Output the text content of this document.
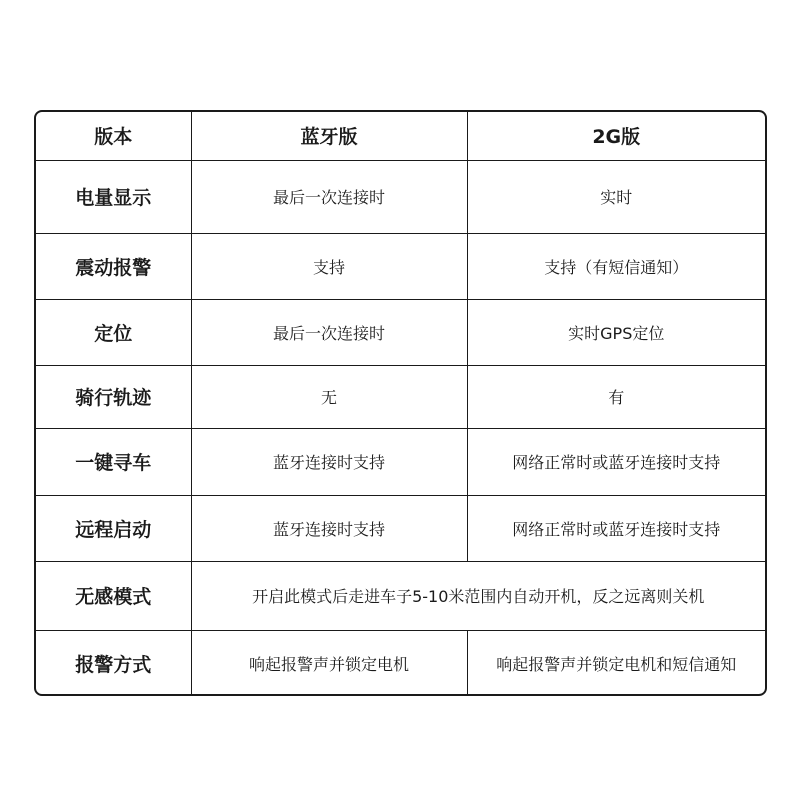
版本	蓝牙版	2G版
电量显示	最后一次连接时	实时
震动报警	支持	支持（有短信通知）
定位	最后一次连接时	实时GPS定位
骑行轨迹	无	有
一键寻车	蓝牙连接时支持	网络正常时或蓝牙连接时支持
远程启动	蓝牙连接时支持	网络正常时或蓝牙连接时支持
无感模式	开启此模式后走进车子5-10米范围内自动开机，反之远离则关机	
报警方式	响起报警声并锁定电机	响起报警声并锁定电机和短信通知
